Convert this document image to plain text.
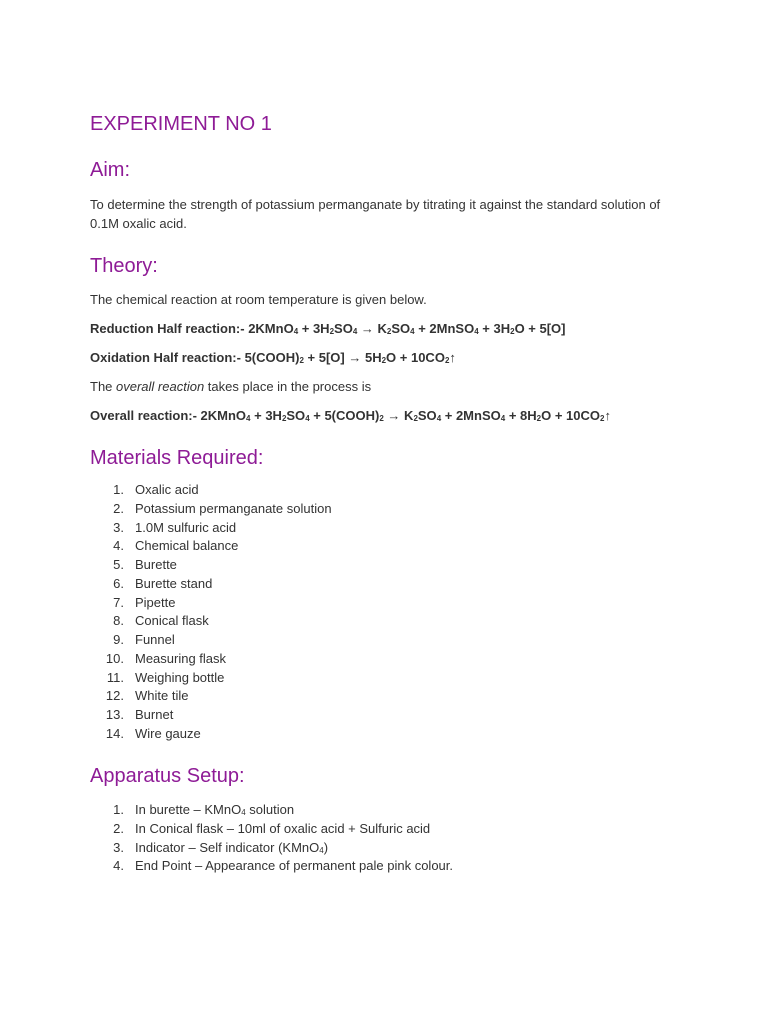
EXPERIMENT NO 1
Aim:

To determine the strength of potassium permanganate by titrating it against the standard solution of 0.1M oxalic acid.

Theory:

The chemical reaction at room temperature is given below.

Reduction Half reaction:- 2KMnO$_4$ + $3H_2SO_4 \to K_2SO_4$ + 2MnSO$_4$ + $3H_2O + 5[O]$

Oxidation Half reaction:- $5(COOH)_2 + 5[O] \to 5H_2O$ + $10CO_2↑$

The overall reaction takes place in the process is

Overall reaction:- 2KMnO$_4$ + $3H_2SO_4$ + $5(COOH)_2 \to K_2SO_4$ + 2MnSO$_4$ + $8H_2O$ + $10CO_2↑$

Materials Required:
1. Oxalic acid
2. Potassium permanganate solution
3. 1.0M sulfuric acid
4. Chemical balance
5. Burette
6. Burette stand
7. Pipette
8. Conical flask
9. Funnel
10. Measuring flask
11. Weighing bottle
12. White tile
13. Burnet
14. Wire gauze
Apparatus Setup:
1. In burette – KMnO$_4$ solution
2. In Conical flask – 10ml of oxalic acid + Sulfuric acid
3. Indicator – Self indicator (KMnO$_4$)
4. End Point – Appearance of permanent pale pink colour.
